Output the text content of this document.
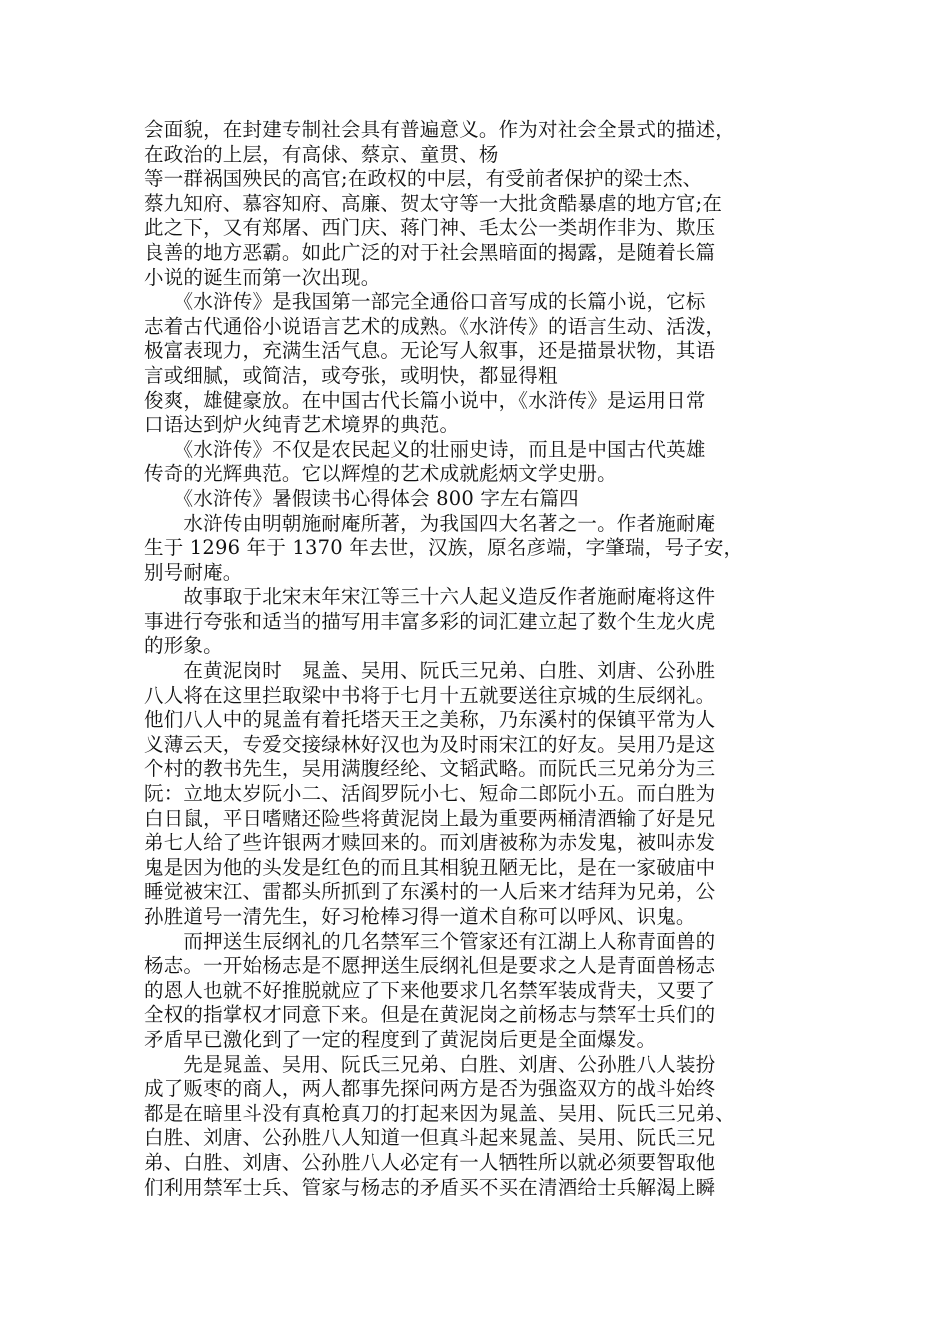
会面貌，在封建专制社会具有普遍意义。作为对社会全景式的描述，
在政治的上层，有高俅、蔡京、童贯、杨
等一群祸国殃民的高官;在政权的中层，有受前者保护的梁士杰、
蔡九知府、慕容知府、高廉、贺太守等一大批贪酷暴虐的地方官;在
此之下，又有郑屠、西门庆、蒋门神、毛太公一类胡作非为、欺压
良善的地方恶霸。如此广泛的对于社会黑暗面的揭露，是随着长篇
小说的诞生而第一次出现。
　　《水浒传》是我国第一部完全通俗口音写成的长篇小说，它标
志着古代通俗小说语言艺术的成熟。《水浒传》的语言生动、活泼，
极富表现力，充满生活气息。无论写人叙事，还是描景状物，其语
言或细腻，或简洁，或夸张，或明快，都显得粗
俊爽，雄健豪放。在中国古代长篇小说中，《水浒传》是运用日常
口语达到炉火纯青艺术境界的典范。
　　《水浒传》不仅是农民起义的壮丽史诗，而且是中国古代英雄
传奇的光辉典范。它以辉煌的艺术成就彪炳文学史册。
　　《水浒传》暑假读书心得体会 800 字左右篇四
　　水浒传由明朝施耐庵所著，为我国四大名著之一。作者施耐庵
生于 1296 年于 1370 年去世，汉族，原名彦端，字肇瑞，号子安，
别号耐庵。
　　故事取于北宋末年宋江等三十六人起义造反作者施耐庵将这件
事进行夸张和适当的描写用丰富多彩的词汇建立起了数个生龙火虎
的形象。
　　在黄泥岗时　晁盖、吴用、阮氏三兄弟、白胜、刘唐、公孙胜
八人将在这里拦取梁中书将于七月十五就要送往京城的生辰纲礼。
他们八人中的晁盖有着托塔天王之美称，乃东溪村的保镇平常为人
义薄云天，专爱交接绿林好汉也为及时雨宋江的好友。吴用乃是这
个村的教书先生，吴用满腹经纶、文韬武略。而阮氏三兄弟分为三
阮：立地太岁阮小二、活阎罗阮小七、短命二郎阮小五。而白胜为
白日鼠，平日嗜赌还险些将黄泥岗上最为重要两桶清酒输了好是兄
弟七人给了些许银两才赎回来的。而刘唐被称为赤发鬼，被叫赤发
鬼是因为他的头发是红色的而且其相貌丑陋无比，是在一家破庙中
睡觉被宋江、雷都头所抓到了东溪村的一人后来才结拜为兄弟，公
孙胜道号一清先生，好习枪棒习得一道术自称可以呼风、识鬼。
　　而押送生辰纲礼的几名禁军三个管家还有江湖上人称青面兽的
杨志。一开始杨志是不愿押送生辰纲礼但是要求之人是青面兽杨志
的恩人也就不好推脱就应了下来他要求几名禁军装成背夫，又要了
全权的指掌权才同意下来。但是在黄泥岗之前杨志与禁军士兵们的
矛盾早已激化到了一定的程度到了黄泥岗后更是全面爆发。
　　先是晁盖、吴用、阮氏三兄弟、白胜、刘唐、公孙胜八人装扮
成了贩枣的商人，两人都事先探问两方是否为强盗双方的战斗始终
都是在暗里斗没有真枪真刀的打起来因为晁盖、吴用、阮氏三兄弟、
白胜、刘唐、公孙胜八人知道一但真斗起来晁盖、吴用、阮氏三兄
弟、白胜、刘唐、公孙胜八人必定有一人牺牲所以就必须要智取他
们利用禁军士兵、管家与杨志的矛盾买不买在清酒给士兵解渴上瞬
